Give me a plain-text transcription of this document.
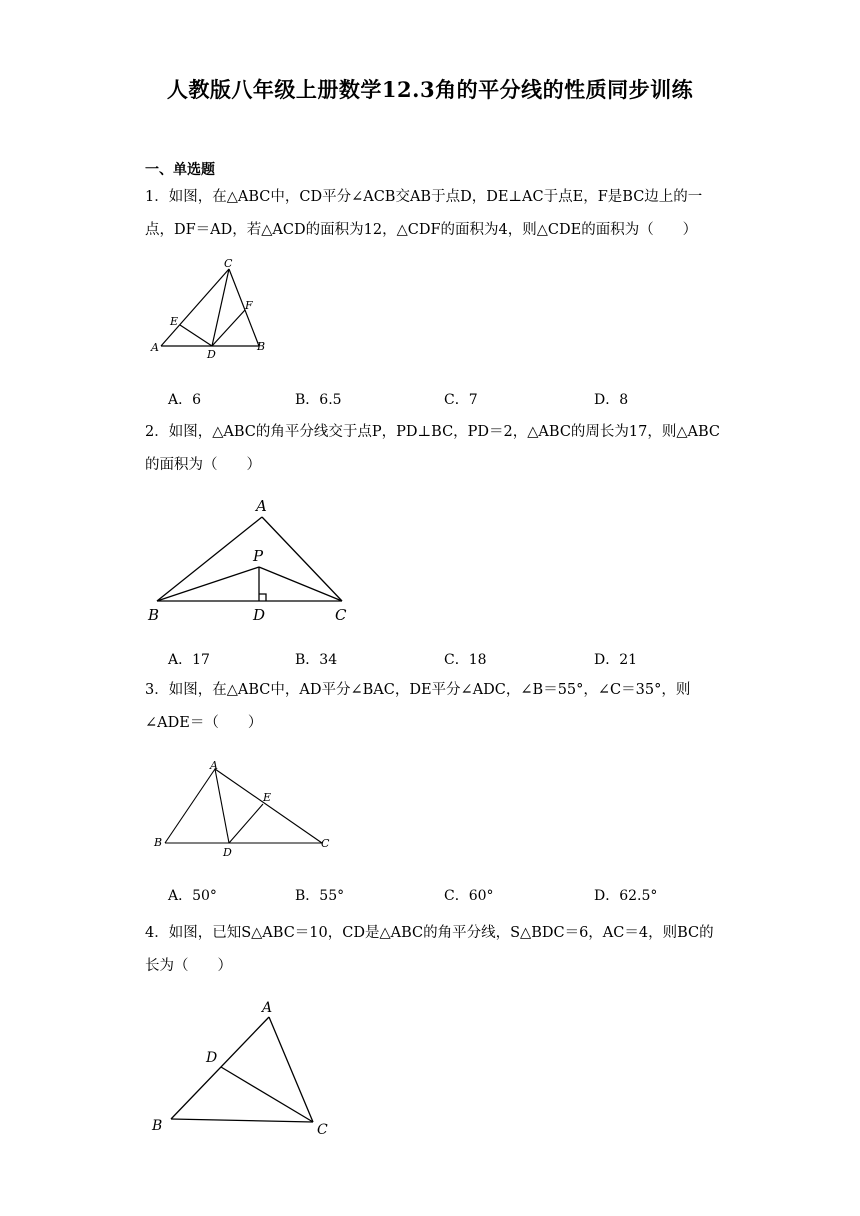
人教版八年级上册数学12.3角的平分线的性质同步训练
一、单选题
1．如图，在△ABC中，CD平分∠ACB交AB于点D，DE⊥AC于点E，F是BC边上的一点，DF＝AD，若△ACD的面积为12，△CDF的面积为4，则△CDE的面积为（　　）
C
E
F
A
D
B
A．6	B．6.5	C．7	D．8
2．如图，△ABC的角平分线交于点P，PD⊥BC，PD＝2，△ABC的周长为17，则△ABC的面积为（　　）
A
P
B	D	C
A．17	B．34	C．18	D．21
3．如图，在△ABC中，AD平分∠BAC，DE平分∠ADC，∠B＝55°，∠C＝35°，则∠ADE＝（　　）
A
E
B
D
C
A．50°	B．55°	C．60°	D．62.5°
4．如图，已知S△ABC＝10，CD是△ABC的角平分线，S△BDC＝6，AC＝4，则BC的长为（　　）
A
D
B	C
